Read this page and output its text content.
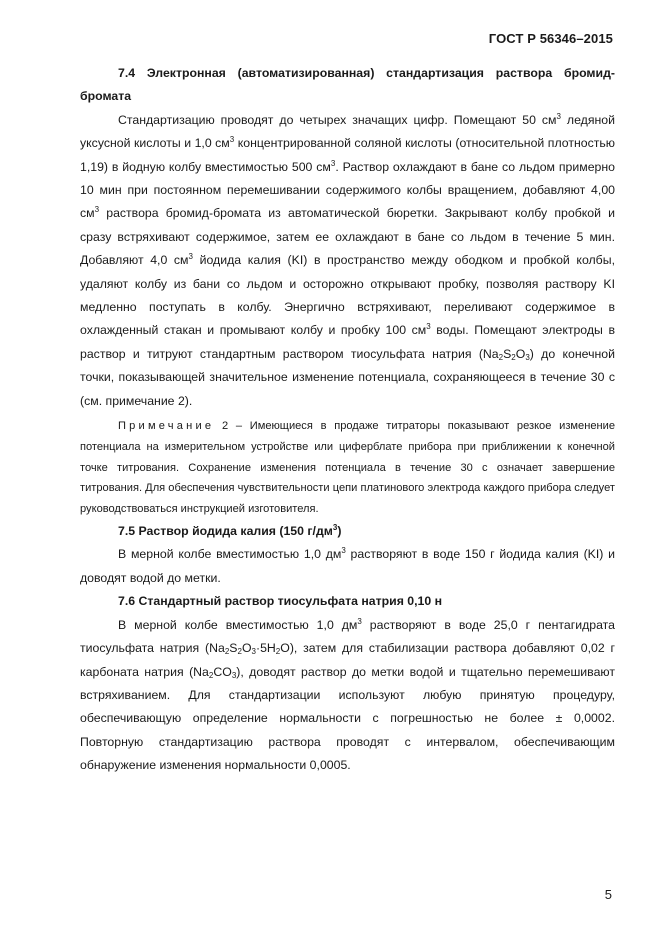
ГОСТ Р 56346–2015

7.4 Электронная (автоматизированная) стандартизация раствора бромид-бромата

Стандартизацию проводят до четырех значащих цифр. Помещают 50 $см^3$ ледяной уксусной кислоты и 1,0 $см^3$ концентрированной соляной кислоты (относительной плотностью 1,19) в йодную колбу вместимостью 500 $см^3$. Раствор охлаждают в бане со льдом примерно 10 мин при постоянном перемешивании содержимого колбы вращением, добавляют 4,00 $см^3$ раствора бромид-бромата из автоматической бюретки. Закрывают колбу пробкой и сразу встряхивают содержимое, затем ее охлаждают в бане со льдом в течение 5 мин. Добавляют 4,0 $см^3$ йодида калия (KI) в пространство между ободком и пробкой колбы, удаляют колбу из бани со льдом и осторожно открывают пробку, позволяя раствору KI медленно поступать в колбу. Энергично встряхивают, переливают содержимое в охлажденный стакан и промывают колбу и пробку 100 $см^3$ воды. Помещают электроды в раствор и титруют стандартным раствором тиосульфата натрия $(Na_2S_2O_3)$ до конечной точки, показывающей значительное изменение потенциала, сохраняющееся в течение 30 с (см. примечание 2).

Примечание 2 – Имеющиеся в продаже титраторы показывают резкое изменение потенциала на измерительном устройстве или циферблате прибора при приближении к конечной точке титрования. Сохранение изменения потенциала в течение 30 с означает завершение титрования. Для обеспечения чувствительности цепи платинового электрода каждого прибора следует руководствоваться инструкцией изготовителя.

7.5 Раствор йодида калия (150 $г/дм^3$)

В мерной колбе вместимостью 1,0 $дм^3$ растворяют в воде 150 г йодида калия (KI) и доводят водой до метки.

7.6 Стандартный раствор тиосульфата натрия 0,10 н

В мерной колбе вместимостью 1,0 $дм^3$ растворяют в воде 25,0 г пентагидрата тиосульфата натрия $(Na_2S_2O_3\cdot 5H_2O)$, затем для стабилизации раствора добавляют 0,02 г карбоната натрия $(Na_2CO_3)$, доводят раствор до метки водой и тщательно перемешивают встряхиванием. Для стандартизации используют любую принятую процедуру, обеспечивающую определение нормальности с погрешностью не более ± 0,0002. Повторную стандартизацию раствора проводят с интервалом, обеспечивающим обнаружение изменения нормальности 0,0005.

5
